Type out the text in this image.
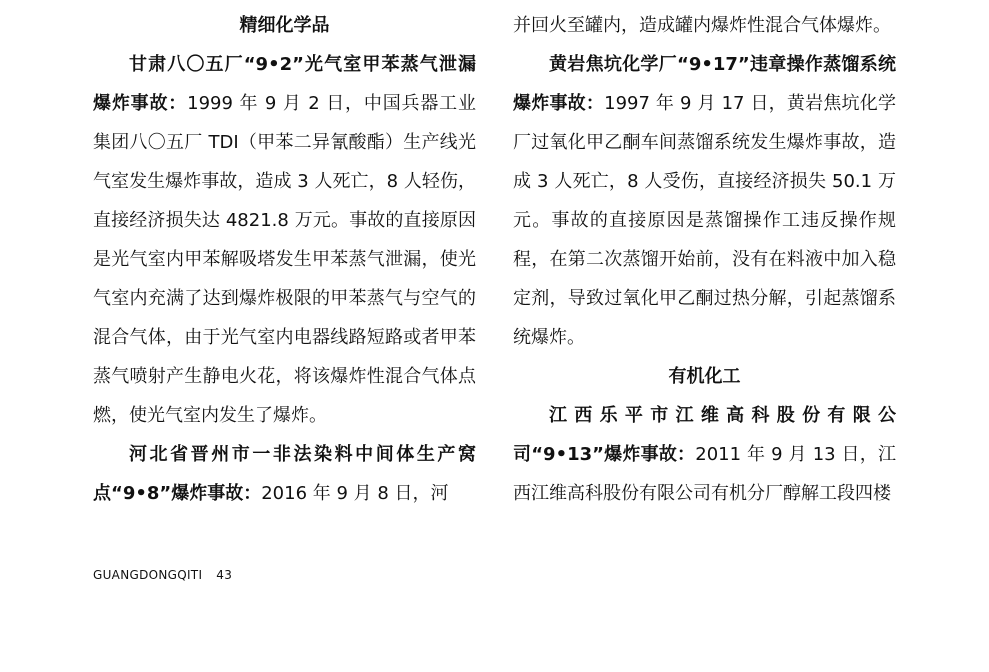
精细化学品

甘肃八〇五厂“9•2”光气室甲苯蒸气泄漏爆炸事故：1999 年 9 月 2 日，中国兵器工业集团八〇五厂 TDI（甲苯二异氰酸酯）生产线光气室发生爆炸事故，造成 3 人死亡，8 人轻伤，直接经济损失达 4821.8 万元。事故的直接原因是光气室内甲苯解吸塔发生甲苯蒸气泄漏，使光气室内充满了达到爆炸极限的甲苯蒸气与空气的混合气体，由于光气室内电器线路短路或者甲苯蒸气喷射产生静电火花，将该爆炸性混合气体点燃，使光气室内发生了爆炸。

河北省晋州市一非法染料中间体生产窝点“9•8”爆炸事故：2016 年 9 月 8 日，河

并回火至罐内，造成罐内爆炸性混合气体爆炸。

黄岩焦坑化学厂“9•17”违章操作蒸馏系统爆炸事故：1997 年 9 月 17 日，黄岩焦坑化学厂过氧化甲乙酮车间蒸馏系统发生爆炸事故，造成 3 人死亡，8 人受伤，直接经济损失 50.1 万元。事故的直接原因是蒸馏操作工违反操作规程，在第二次蒸馏开始前，没有在料液中加入稳定剂，导致过氧化甲乙酮过热分解，引起蒸馏系统爆炸。

有机化工

江西乐平市江维高科股份有限公司“9•13”爆炸事故：2011 年 9 月 13 日，江西江维高科股份有限公司有机分厂醇解工段四楼

GUANGDONGQITI 43
